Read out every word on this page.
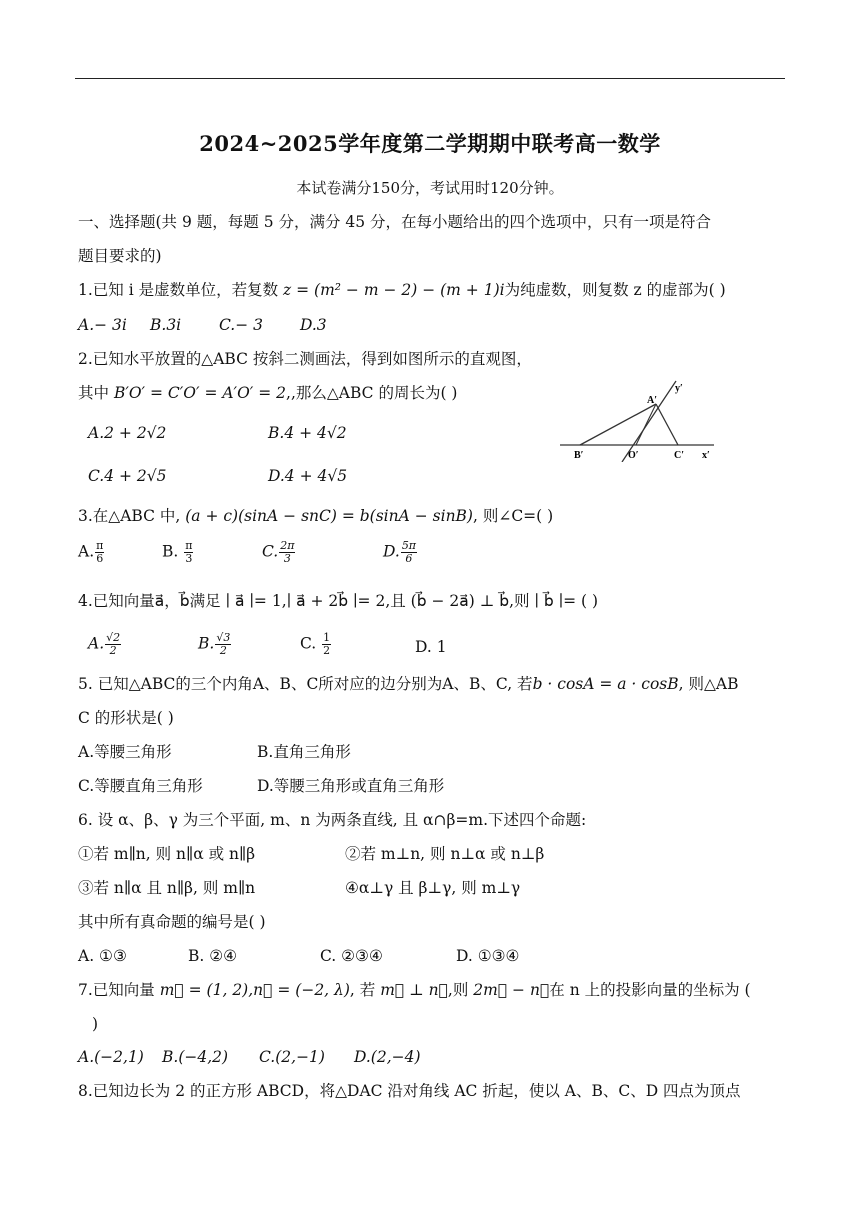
2024~2025学年度第二学期期中联考高一数学
本试卷满分150分，考试用时120分钟。
一、选择题(共 9 题，每题 5 分，满分 45 分，在每小题给出的四个选项中，只有一项是符合
题目要求的)
1.已知 i 是虚数单位，若复数 z = (m² − m − 2) − (m + 1)i为纯虚数，则复数 z 的虚部为( )
A.− 3i B.3i C.− 3 D.3
2.已知水平放置的△ABC 按斜二测画法，得到如图所示的直观图，
其中 B′O′ = C′O′ = A′O′ = 2,,那么△ABC 的周长为( )
A.2 + 2√2	B.4 + 4√2
C.4 + 2√5	D.4 + 4√5
A′
y′
B′	O′	C′ x′
3.在△ABC 中, (a + c)(sinA − snC) = b(sinA − sinB), 则∠C=( )
A. $\frac{\pi}{6}$	B. $\frac{\pi}{3}$	C. $\frac{2\pi}{3}$	D. $\frac{5\pi}{6}$
4.已知向量a⃗，b⃗满足 ∣ a⃗ ∣= 1,∣ a⃗ + 2b⃗ ∣= 2,且 (b⃗ − 2a⃗) ⊥ b⃗,则 ∣ b⃗ ∣= ( )
A. $\frac{√2}{2}$	B. $\frac{√3}{2}$	C. $\frac{1}{2}$	D. 1
5. 已知△ABC的三个内角A、B、C所对应的边分别为A、B、C, 若b · cosA = a · cosB, 则△AB
C 的形状是( )
A.等腰三角形	B.直角三角形
C.等腰直角三角形	D.等腰三角形或直角三角形
6. 设 α、β、γ 为三个平面, m、n 为两条直线, 且 α∩β=m.下述四个命题:
①若 m∥n, 则 n∥α 或 n∥β	②若 m⊥n, 则 n⊥α 或 n⊥β
③若 n∥α 且 n∥β, 则 m∥n	④α⊥γ 且 β⊥γ, 则 m⊥γ
其中所有真命题的编号是( )
A. ①③	B. ②④	C. ②③④	D. ①③④
7.已知向量 m⃗ = (1, 2),n⃗ = (−2, λ), 若 m⃗ ⊥ n⃗,则 2m⃗ − n⃗在 n 上的投影向量的坐标为 (
)
A.(−2,1) B.(−4,2) C.(2,−1) D.(2,−4)
8.已知边长为 2 的正方形 ABCD，将△DAC 沿对角线 AC 折起，使以 A、B、C、D 四点为顶点
